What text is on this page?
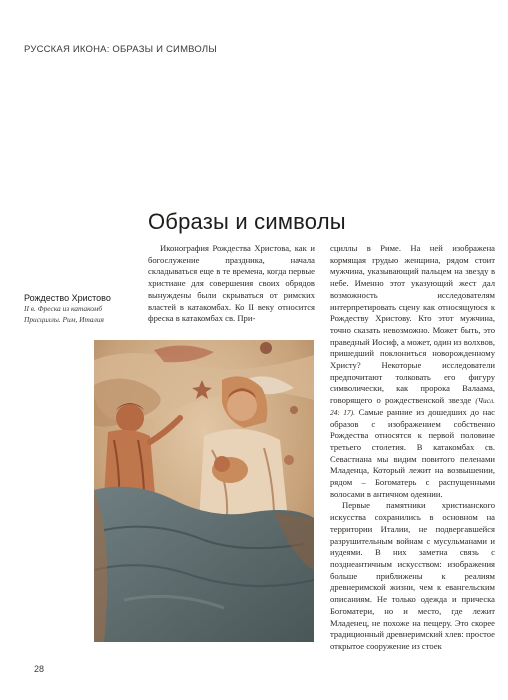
РУССКАЯ ИКОНА: ОБРАЗЫ И СИМВОЛЫ
Образы и символы
Рождество Христово
II в. Фреска из катакомб Присциллы. Рим, Италия

Иконография Рождества Христова, как и богослужение праздника, начала складываться еще в те времена, когда первые христиане для совершения своих обрядов вынуждены были скрываться от римских властей в катакомбах. Ко II веку относится фреска в катакомбах св. При-

сциллы в Риме. На ней изображена кормящая грудью женщина, рядом стоит мужчина, указывающий пальцем на звезду в небе. Именно этот указующий жест дал возможность исследователям интерпретировать сцену как относящуюся к Рождеству Христову. Кто этот мужчина, точно сказать невозможно. Может быть, это праведный Иосиф, а может, один из волхвов, пришедший поклониться новорожденному Христу? Некоторые исследователи предпочитают толковать его фигуру символически, как пророка Валаама, говорящего о рождественской звезде (Числ. 24: 17). Самые ранние из дошедших до нас образов с изображением собственно Рождества относятся к первой половине третьего столетия. В катакомбах св. Севастиана мы видим повитого пеленами Младенца, Который лежит на возвышении, рядом – Богоматерь с распущенными волосами в античном одеянии.

Первые памятники христианского искусства сохранились в основном на территории Италии, не подвергавшейся разрушительным войнам с мусульманами и иудеями. В них заметна связь с позднеантичным искусством: изображения больше приближены к реалиям древнеримской жизни, чем к евангельским описаниям. Не только одежда и прическа Богоматери, но и место, где лежит Младенец, не похоже на пещеру. Это скорее традиционный древнеримский хлев: простое открытое сооружение из стоек

28
